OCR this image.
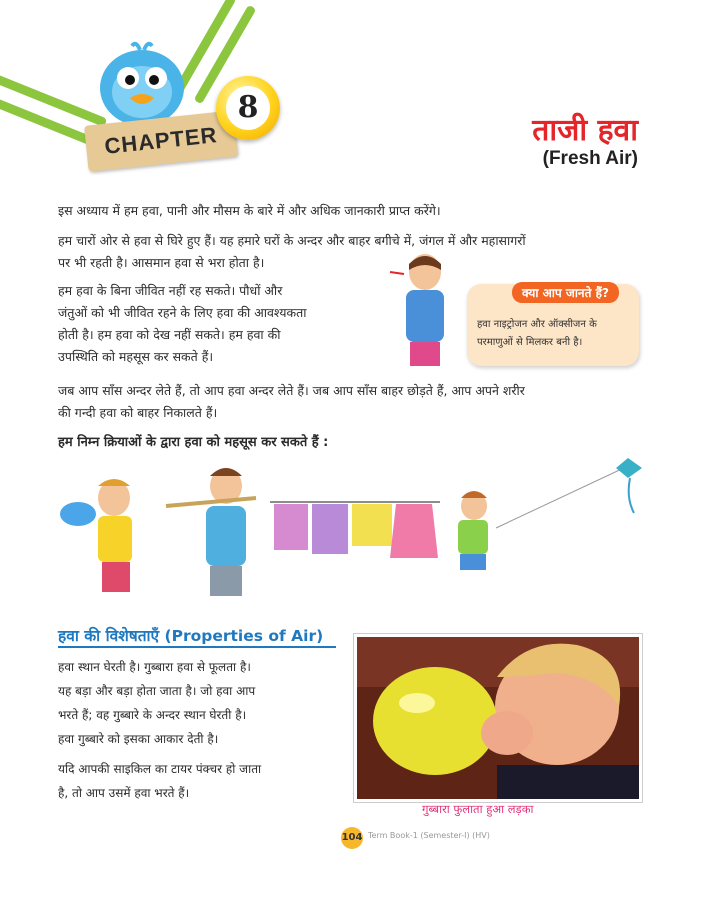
CHAPTER
8
ताजी हवा
(Fresh Air)
इस अध्याय में हम हवा, पानी और मौसम के बारे में और अधिक जानकारी प्राप्त करेंगे।
हम चारों ओर से हवा से घिरे हुए हैं। यह हमारे घरों के अन्दर और बाहर बगीचे में, जंगल में और महासागरों
पर भी रहती है। आसमान हवा से भरा होता है।
हम हवा के बिना जीवित नहीं रह सकते। पौधों और
जंतुओं को भी जीवित रहने के लिए हवा की आवश्यकता
होती है। हम हवा को देख नहीं सकते। हम हवा की
उपस्थिति को महसूस कर सकते हैं।
क्या आप जानते हैं?
हवा नाइट्रोजन और ऑक्सीजन के
परमाणुओं से मिलकर बनी है।
जब आप साँस अन्दर लेते हैं, तो आप हवा अन्दर लेते हैं। जब आप साँस बाहर छोड़ते हैं, आप अपने शरीर
की गन्दी हवा को बाहर निकालते हैं।
हम निम्न क्रियाओं के द्वारा हवा को महसूस कर सकते हैं :
हवा की विशेषताएँ (Properties of Air)
हवा स्थान घेरती है। गुब्बारा हवा से फूलता है।
यह बड़ा और बड़ा होता जाता है। जो हवा आप
भरते हैं; वह गुब्बारे के अन्दर स्थान घेरती है।
हवा गुब्बारे को इसका आकार देती है।
यदि आपकी साइकिल का टायर पंक्चर हो जाता
है, तो आप उसमें हवा भरते हैं।
गुब्बारा फुलाता हुआ लड़का
104 Term Book-1 (Semester-I) (HV)
